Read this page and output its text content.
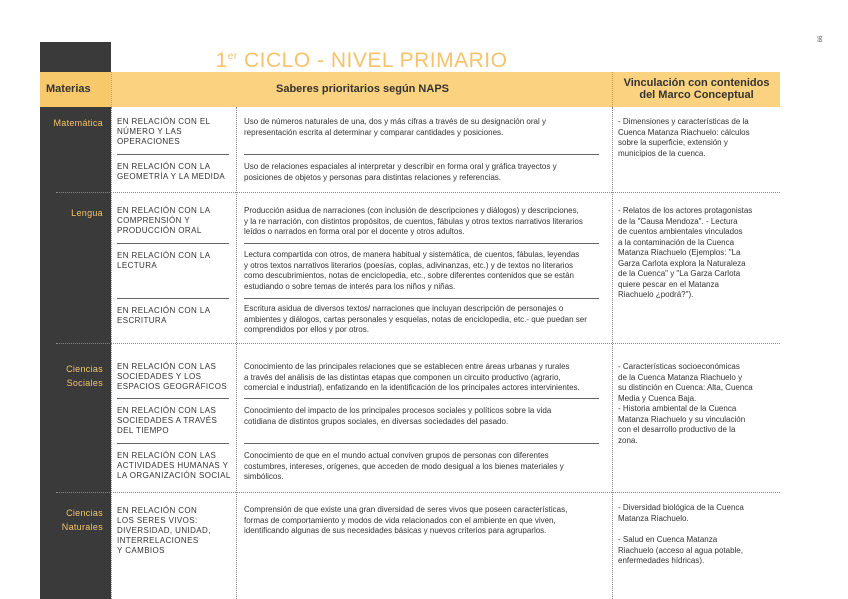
99
1er CICLO - NIVEL PRIMARIO
Materias	Saberes prioritarios según NAPS	Vinculación con contenidos
del Marco Conceptual
Matemática EN RELACIÓN CON EL
NÚMERO Y LAS
OPERACIONES
EN RELACIÓN CON LA
GEOMETRÍA Y LA MEDIDA
Uso de números naturales de una, dos y más cifras a través de su designación oral y
representación escrita al determinar y comparar cantidades y posiciones.
Uso de relaciones espaciales al interpretar y describir en forma oral y gráfica trayectos y
posiciones de objetos y personas para distintas relaciones y referencias.
- Dimensiones y características de la
Cuenca Matanza Riachuelo: cálculos
sobre la superficie, extensión y
municipios de la cuenca.
Lengua EN RELACIÓN CON LA
COMPRENSIÓN Y
PRODUCCIÓN ORAL
EN RELACIÓN CON LA
LECTURA
EN RELACIÓN CON LA
ESCRITURA
Producción asidua de narraciones (con inclusión de descripciones y diálogos) y descripciones,
y la re narración, con distintos propósitos, de cuentos, fábulas y otros textos narrativos literarios
leídos o narrados en forma oral por el docente y otros adultos.
Lectura compartida con otros, de manera habitual y sistemática, de cuentos, fábulas, leyendas
y otros textos narrativos literarios (poesías, coplas, adivinanzas, etc.) y de textos no literarios
como descubrimientos, notas de enciclopedia, etc., sobre diferentes contenidos que se están
estudiando o sobre temas de interés para los niños y niñas.
Escritura asidua de diversos textos/ narraciones que incluyan descripción de personajes o
ambientes y diálogos, cartas personales y esquelas, notas de enciclopedia, etc.- que puedan ser
comprendidos por ellos y por otros.
- Relatos de los actores protagonistas
de la "Causa Mendoza". - Lectura
de cuentos ambientales vinculados
a la contaminación de la Cuenca
Matanza Riachuelo (Ejemplos: "La
Garza Carlota explora la Naturaleza
de la Cuenca" y "La Garza Carlota
quiere pescar en el Matanza
Riachuelo ¿podrá?").
Ciencias
Sociales
EN RELACIÓN CON LAS
SOCIEDADES Y LOS
ESPACIOS GEOGRÁFICOS
EN RELACIÓN CON LAS
SOCIEDADES A TRAVÉS
DEL TIEMPO
EN RELACIÓN CON LAS
ACTIVIDADES HUMANAS Y
LA ORGANIZACIÓN SOCIAL
Conocimiento de las principales relaciones que se establecen entre áreas urbanas y rurales
a través del análisis de las distintas etapas que componen un circuito productivo (agrario,
comercial e industrial), enfatizando en la identificación de los principales actores intervinientes.
Conocimiento del impacto de los principales procesos sociales y políticos sobre la vida
cotidiana de distintos grupos sociales, en diversas sociedades del pasado.
Conocimiento de que en el mundo actual conviven grupos de personas con diferentes
costumbres, intereses, orígenes, que acceden de modo desigual a los bienes materiales y
simbólicos.
- Características socioeconómicas
de la Cuenca Matanza Riachuelo y
su distinción en Cuenca: Alta, Cuenca
Media y Cuenca Baja.
- Historia ambiental de la Cuenca
Matanza Riachuelo y su vinculación
con el desarrollo productivo de la
zona.
Ciencias
Naturales
EN RELACIÓN CON
LOS SERES VIVOS:
DIVERSIDAD, UNIDAD,
INTERRELACIONES
Y CAMBIOS
Comprensión de que existe una gran diversidad de seres vivos que poseen características,
formas de comportamiento y modos de vida relacionados con el ambiente en que viven,
identificando algunas de sus necesidades básicas y nuevos criterios para agruparlos.
- Diversidad biológica de la Cuenca
Matanza Riachuelo.
- Salud en Cuenca Matanza
Riachuelo (acceso al agua potable,
enfermedades hídricas).
